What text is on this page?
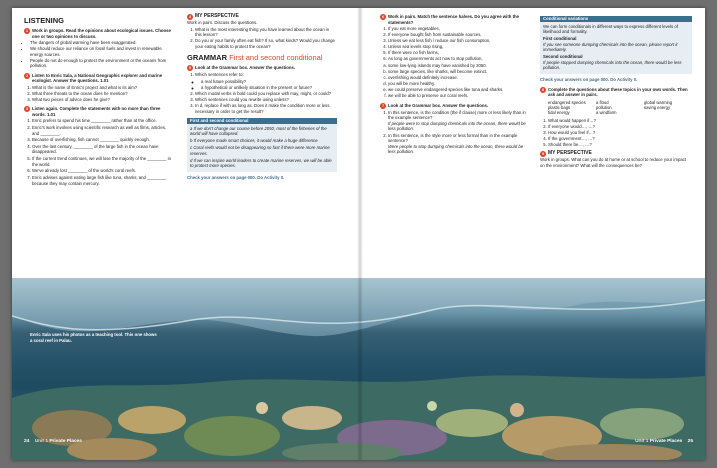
LISTENING
1 Work in groups. Read the opinions about ecological issues. Choose one or two opinions to discuss.
• The dangers of global warming have been exaggerated.
• We should reduce our reliance on fossil fuels and invest in renewable energy sources.
• People do not do enough to protect the environment or the oceans from pollution.
2 Listen to Enric Sala, a National Geographic explorer and marine ecologist. Answer the questions. 1.01
1. What is the name of Enric's project and what is its aim?
2. What three threats to the ocean does he mention?
3. What two pieces of advice does he give?
3 Listen again. Complete the statements with no more than three words. 1.01
1. Enric prefers to spend his time ________ rather than at the office.
2. Enric's work involves using scientific research as well as films, articles, and ________.
3. Because of overfishing, fish cannot ________ quickly enough.
4. Over the last century, ________ of the large fish in the ocean have disappeared.
5. If the current trend continues, we will lose the majority of the ________ in the world.
6. We've already lost ________ of the world's coral reefs.
7. Enric advises against eating large fish like tuna, sharks, and ________ because they may contain mercury.
4 MY PERSPECTIVE
Work in pairs. Discuss the questions.
1. What is the most interesting thing you have learned about the ocean in this lesson?
2. Do you or your family often eat fish? If so, what kinds? Would you change your eating habits to protect the ocean?
GRAMMAR First and second conditional
5 Look at the Grammar box. Answer the questions.
1. Which sentences refer to:
◦ a real future possibility?
◦ a hypothetical or unlikely situation in the present or future?
2. Which modal verbs in bold could you replace with may, might, or could?
3. Which sentences could you rewrite using unless?
4. In d, replace if with as long as. Does it make the condition more or less necessary in order to get the result?
First and second conditional

a If we don't change our course before 2050, most of the fisheries of the world will have collapsed.

b If everyone made smart choices, it would make a huge difference.

c Coral reefs would not be disappearing so fast if there were more marine reserves.

d If we can inspire world leaders to create marine reserves, we will be able to protect more species.

Check your answers on page 000. Do Activity 0.
6 Work in pairs. Match the sentence halves. Do you agree with the statements?
1. If you eat more vegetables,
2. If everyone bought fish from sustainable sources,
3. Unless we eat less fish / reduce our fish consumption,
4. Unless sea levels stop rising,
5. If there were no fish farms,
6. As long as governments act now to stop pollution,
a. some low-lying islands may have vanished by 2050.
b. some large species, like sharks, will become extinct.
c. overfishing would definitely increase.
d. you will be more healthy.
e. we could preserve endangered species like tuna and sharks.
f. we will be able to preserve our coral reefs.
7 Look at the Grammar box. Answer the questions.
1. In this sentence, is the condition (the if clause) more or less likely than in the example sentence?
If people were to stop dumping chemicals into the ocean, there would be less pollution.
2. In this sentence, is the style more or less formal than in the example sentence?
Were people to stop dumping chemicals into the ocean, there would be less pollution.
Conditional variations

We can form conditionals in different ways to express different levels of likelihood and formality.

First conditional

If you see someone dumping chemicals into the ocean, please report it immediately.

Second conditional

If people stopped dumping chemicals into the ocean, there would be less pollution.

Check your answers on page 000. Do Activity 0.
8 Complete the questions about these topics in your own words. Then ask and answer in pairs.
endangered species	a flood	global warming
plastic bags	pollution	saving energy
tidal energy	a windfarm
1. What would happen if…?
2. If everyone would…, …?
3. How would you feel if…?
4. If the government…, …?
5. Should there be…, …?
9 MY PERSPECTIVE
Work in groups. What can you do at home or at school to reduce your impact on the environment? What will the consequences be?
Enric Sala uses his photos as a teaching tool. This one shows a coral reef in Palau.
24 Unit 1 Private Places	Unit 1 Private Places 25
